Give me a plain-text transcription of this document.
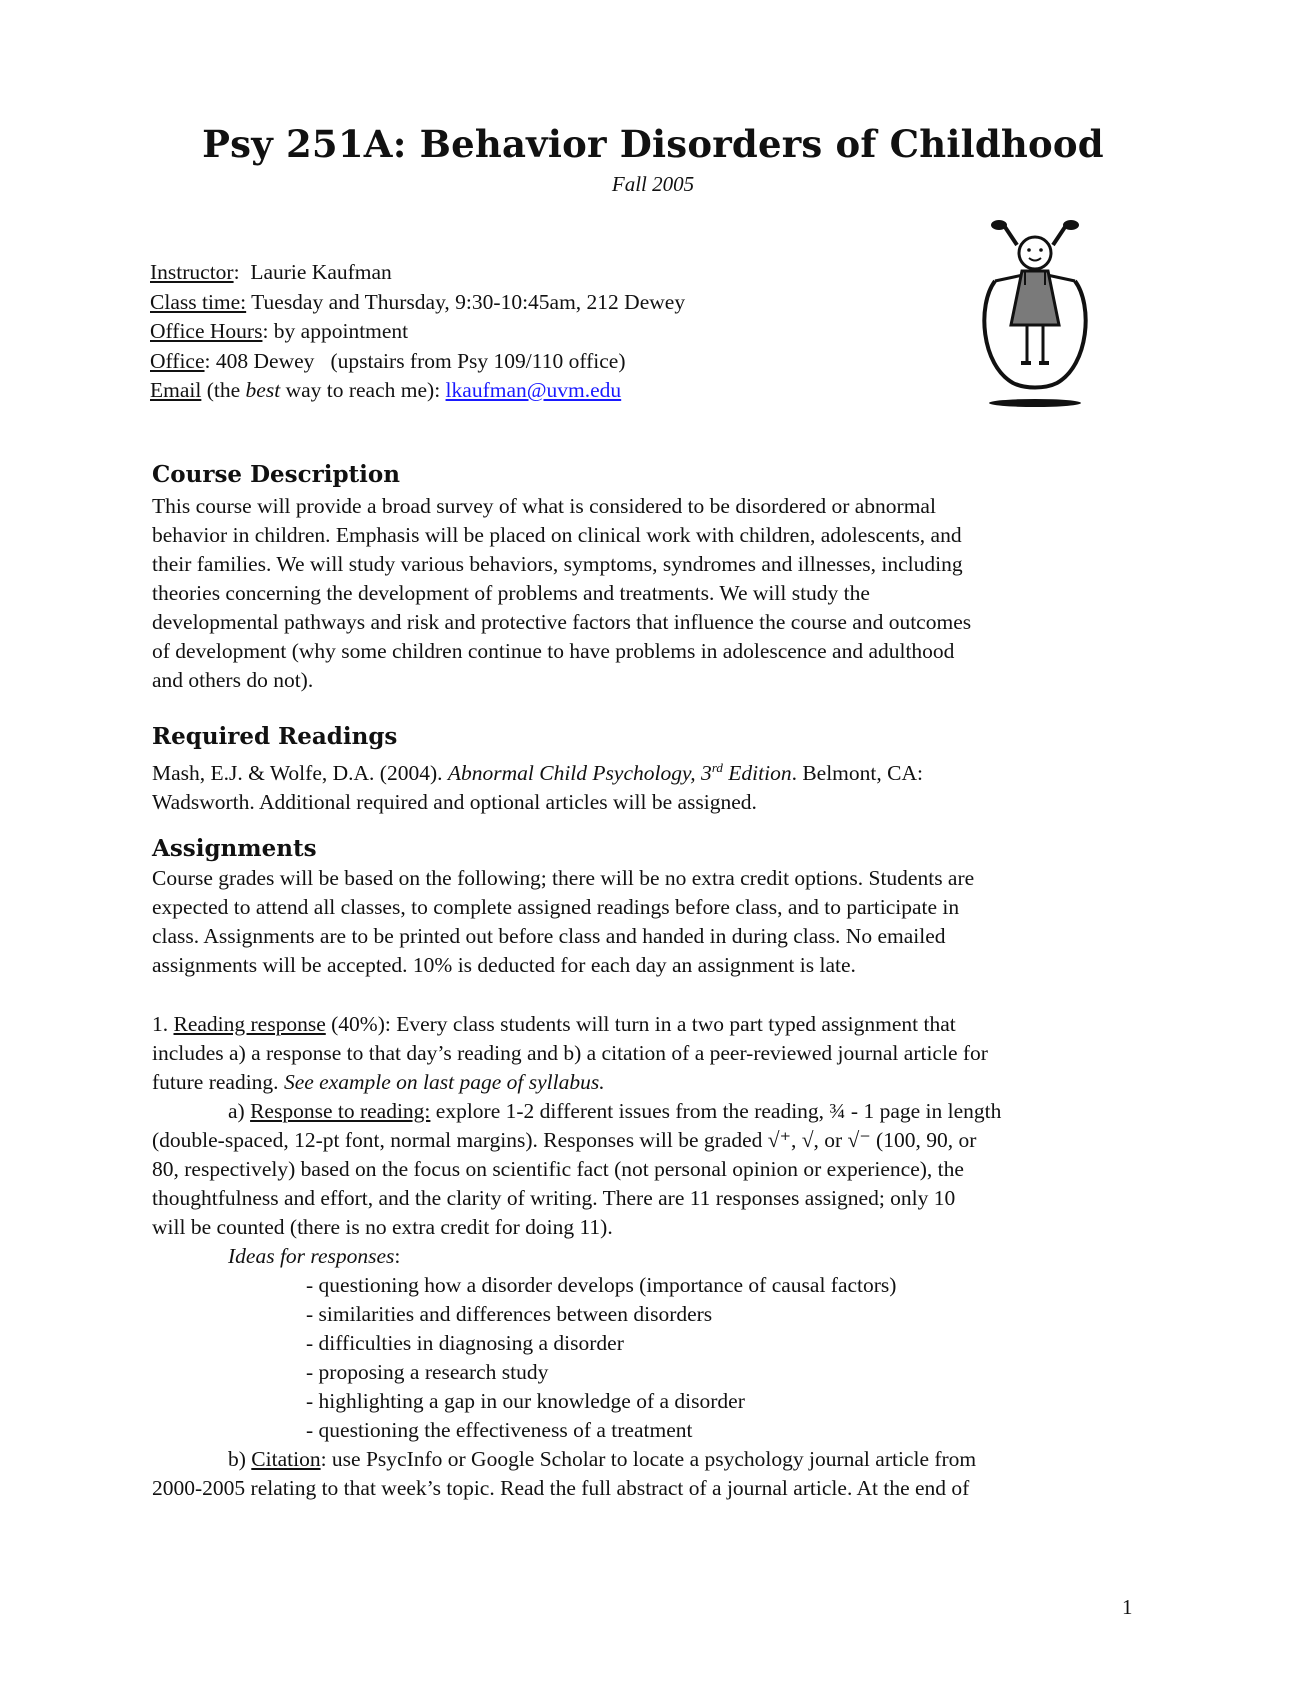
Psy 251A: Behavior Disorders of Childhood
Fall 2005
Instructor:  Laurie Kaufman
Class time: Tuesday and Thursday, 9:30-10:45am, 212 Dewey
Office Hours: by appointment
Office: 408 Dewey   (upstairs from Psy 109/110 office)
Email (the best way to reach me): lkaufman@uvm.edu
Course Description
This course will provide a broad survey of what is considered to be disordered or abnormal
behavior in children. Emphasis will be placed on clinical work with children, adolescents, and
their families. We will study various behaviors, symptoms, syndromes and illnesses, including
theories concerning the development of problems and treatments. We will study the
developmental pathways and risk and protective factors that influence the course and outcomes
of development (why some children continue to have problems in adolescence and adulthood
and others do not).
Required Readings
Mash, E.J. & Wolfe, D.A. (2004). Abnormal Child Psychology, 3rd Edition. Belmont, CA:
Wadsworth. Additional required and optional articles will be assigned.
Assignments
Course grades will be based on the following; there will be no extra credit options. Students are
expected to attend all classes, to complete assigned readings before class, and to participate in
class. Assignments are to be printed out before class and handed in during class. No emailed
assignments will be accepted. 10% is deducted for each day an assignment is late.
1. Reading response (40%): Every class students will turn in a two part typed assignment that
includes a) a response to that day’s reading and b) a citation of a peer-reviewed journal article for
future reading. See example on last page of syllabus.
a) Response to reading: explore 1-2 different issues from the reading, ¾ - 1 page in length
(double-spaced, 12-pt font, normal margins). Responses will be graded √⁺, √, or √⁻ (100, 90, or
80, respectively) based on the focus on scientific fact (not personal opinion or experience), the
thoughtfulness and effort, and the clarity of writing. There are 11 responses assigned; only 10
will be counted (there is no extra credit for doing 11).
Ideas for responses:
- questioning how a disorder develops (importance of causal factors)
- similarities and differences between disorders
- difficulties in diagnosing a disorder
- proposing a research study
- highlighting a gap in our knowledge of a disorder
- questioning the effectiveness of a treatment
b) Citation: use PsycInfo or Google Scholar to locate a psychology journal article from
2000-2005 relating to that week’s topic. Read the full abstract of a journal article. At the end of
1
